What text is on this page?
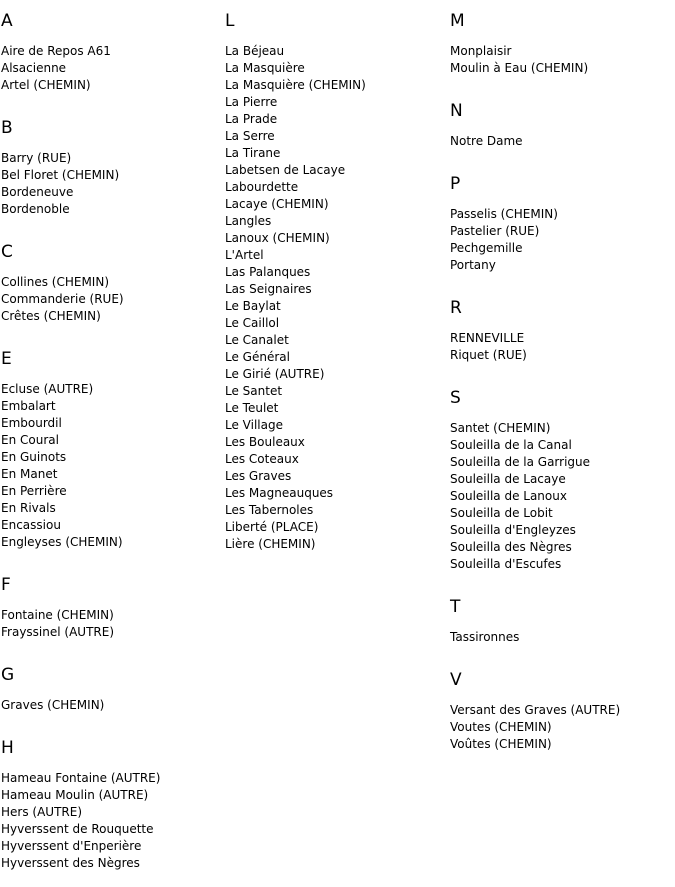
A
Aire de Repos A61
Alsacienne
Artel (CHEMIN)
B
Barry (RUE)
Bel Floret (CHEMIN)
Bordeneuve
Bordenoble
C
Collines (CHEMIN)
Commanderie (RUE)
Crêtes (CHEMIN)
E
Ecluse (AUTRE)
Embalart
Embourdil
En Coural
En Guinots
En Manet
En Perrière
En Rivals
Encassiou
Engleyses (CHEMIN)
F
Fontaine (CHEMIN)
Frayssinel (AUTRE)
G
Graves (CHEMIN)
H
Hameau Fontaine (AUTRE)
Hameau Moulin (AUTRE)
Hers (AUTRE)
Hyverssent de Rouquette
Hyverssent d'Enperière
Hyverssent des Nègres
L
La Béjeau
La Masquière
La Masquière (CHEMIN)
La Pierre
La Prade
La Serre
La Tirane
Labetsen de Lacaye
Labourdette
Lacaye (CHEMIN)
Langles
Lanoux (CHEMIN)
L'Artel
Las Palanques
Las Seignaires
Le Baylat
Le Caillol
Le Canalet
Le Général
Le Girié (AUTRE)
Le Santet
Le Teulet
Le Village
Les Bouleaux
Les Coteaux
Les Graves
Les Magneauques
Les Tabernoles
Liberté (PLACE)
Lière (CHEMIN)
M
Monplaisir
Moulin à Eau (CHEMIN)
N
Notre Dame
P
Passelis (CHEMIN)
Pastelier (RUE)
Pechgemille
Portany
R
RENNEVILLE
Riquet (RUE)
S
Santet (CHEMIN)
Souleilla de la Canal
Souleilla de la Garrigue
Souleilla de Lacaye
Souleilla de Lanoux
Souleilla de Lobit
Souleilla d'Engleyzes
Souleilla des Nègres
Souleilla d'Escufes
T
Tassironnes
V
Versant des Graves (AUTRE)
Voutes (CHEMIN)
Voûtes (CHEMIN)
